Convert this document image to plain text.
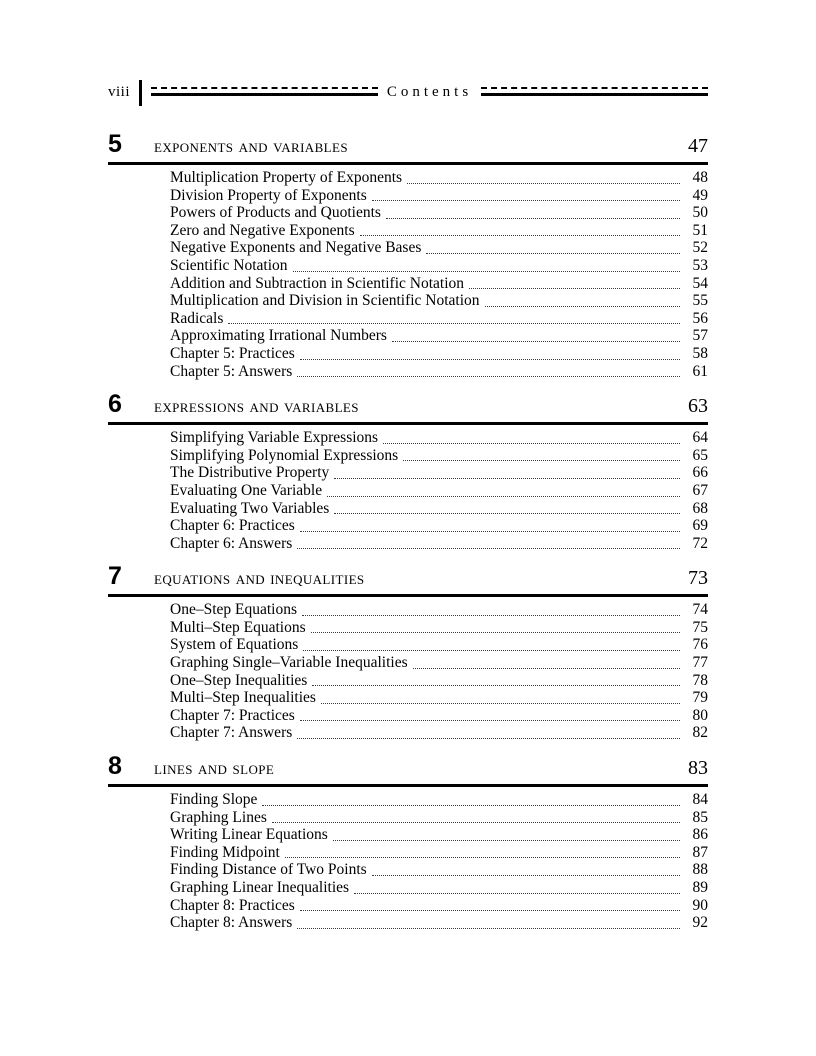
viii	Contents
5	exponents and variables	47
Multiplication Property of Exponents	48
Division Property of Exponents	49
Powers of Products and Quotients	50
Zero and Negative Exponents	51
Negative Exponents and Negative Bases	52
Scientific Notation	53
Addition and Subtraction in Scientific Notation	54
Multiplication and Division in Scientific Notation	55
Radicals	56
Approximating Irrational Numbers	57
Chapter 5: Practices	58
Chapter 5: Answers	61
6	expressions and variables	63
Simplifying Variable Expressions	64
Simplifying Polynomial Expressions	65
The Distributive Property	66
Evaluating One Variable	67
Evaluating Two Variables	68
Chapter 6: Practices	69
Chapter 6: Answers	72
7	equations and inequalities	73
One–Step Equations	74
Multi–Step Equations	75
System of Equations	76
Graphing Single–Variable Inequalities	77
One–Step Inequalities	78
Multi–Step Inequalities	79
Chapter 7: Practices	80
Chapter 7: Answers	82
8	lines and slope	83
Finding Slope	84
Graphing Lines	85
Writing Linear Equations	86
Finding Midpoint	87
Finding Distance of Two Points	88
Graphing Linear Inequalities	89
Chapter 8: Practices	90
Chapter 8: Answers	92
